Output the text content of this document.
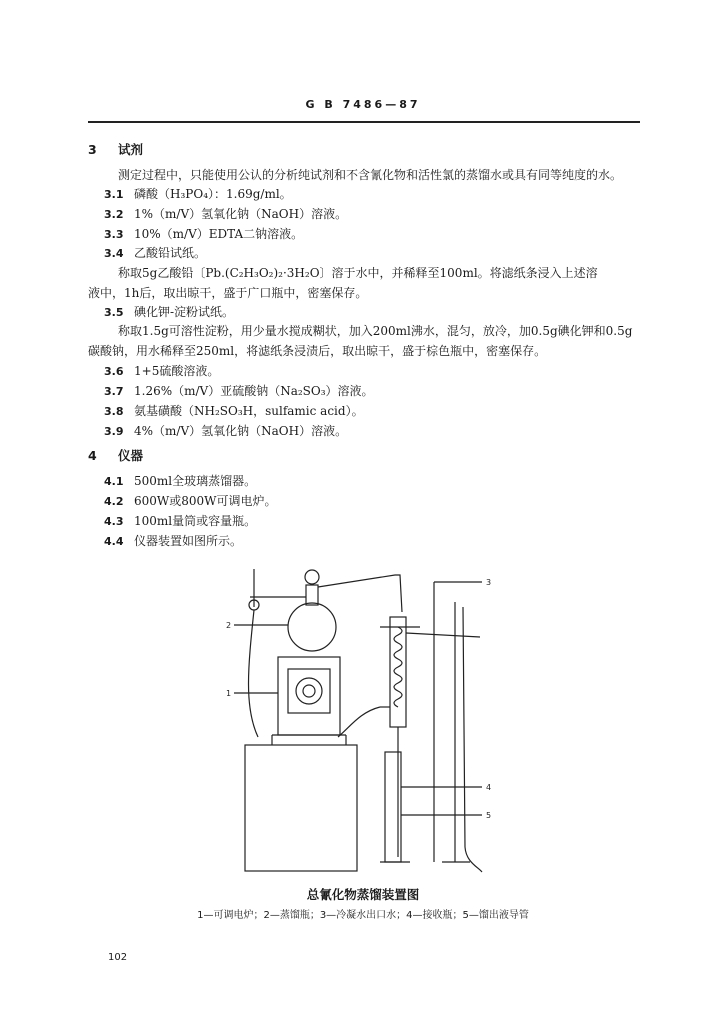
G B 7486—87
3 试剂
测定过程中，只能使用公认的分析纯试剂和不含氰化物和活性氯的蒸馏水或具有同等纯度的水。
3.1 磷酸（H₃PO₄）：1.69g/ml。
3.2 1%（m/V）氢氧化钠（NaOH）溶液。
3.3 10%（m/V）EDTA二钠溶液。
3.4 乙酸铅试纸。
称取5g乙酸铅〔Pb.(C₂H₃O₂)₂·3H₂O〕溶于水中，并稀释至100ml。将滤纸条浸入上述溶
液中，1h后，取出晾干，盛于广口瓶中，密塞保存。
3.5 碘化钾-淀粉试纸。
称取1.5g可溶性淀粉，用少量水搅成糊状，加入200ml沸水，混匀，放冷，加0.5g碘化钾和0.5g
碳酸钠，用水稀释至250ml，将滤纸条浸渍后，取出晾干，盛于棕色瓶中，密塞保存。
3.6 1+5硫酸溶液。
3.7 1.26%（m/V）亚硫酸钠（Na₂SO₃）溶液。
3.8 氨基磺酸（NH₂SO₃H，sulfamic acid）。
3.9 4%（m/V）氢氧化钠（NaOH）溶液。
4 仪器
4.1 500ml全玻璃蒸馏器。
4.2 600W或800W可调电炉。
4.3 100ml量筒或容量瓶。
4.4 仪器装置如图所示。
2
1
3
4
5
总氰化物蒸馏装置图
1—可调电炉；2—蒸馏瓶；3—冷凝水出口水；4—接收瓶；5—馏出液导管
102
